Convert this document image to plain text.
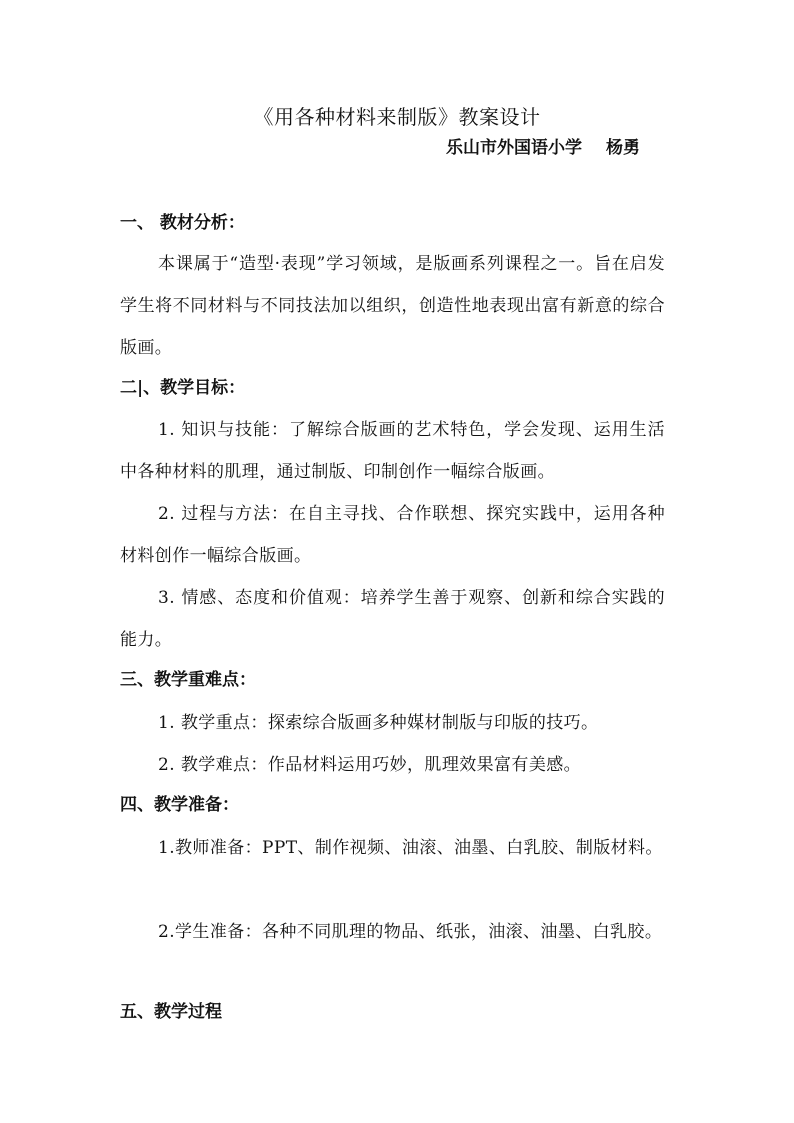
《用各种材料来制版》教案设计
乐山市外国语小学 杨勇
一、 教材分析：
本课属于“造型·表现”学习领域，是版画系列课程之一。旨在启发学生将不同材料与不同技法加以组织，创造性地表现出富有新意的综合版画。
二|、教学目标：
1. 知识与技能：了解综合版画的艺术特色，学会发现、运用生活中各种材料的肌理，通过制版、印制创作一幅综合版画。
2. 过程与方法：在自主寻找、合作联想、探究实践中，运用各种材料创作一幅综合版画。
3. 情感、态度和价值观：培养学生善于观察、创新和综合实践的能力。
三、教学重难点：
1. 教学重点：探索综合版画多种媒材制版与印版的技巧。
2. 教学难点：作品材料运用巧妙，肌理效果富有美感。
四、教学准备：
1.教师准备：PPT、制作视频、油滚、油墨、白乳胶、制版材料。
2.学生准备：各种不同肌理的物品、纸张，油滚、油墨、白乳胶。
五、教学过程
